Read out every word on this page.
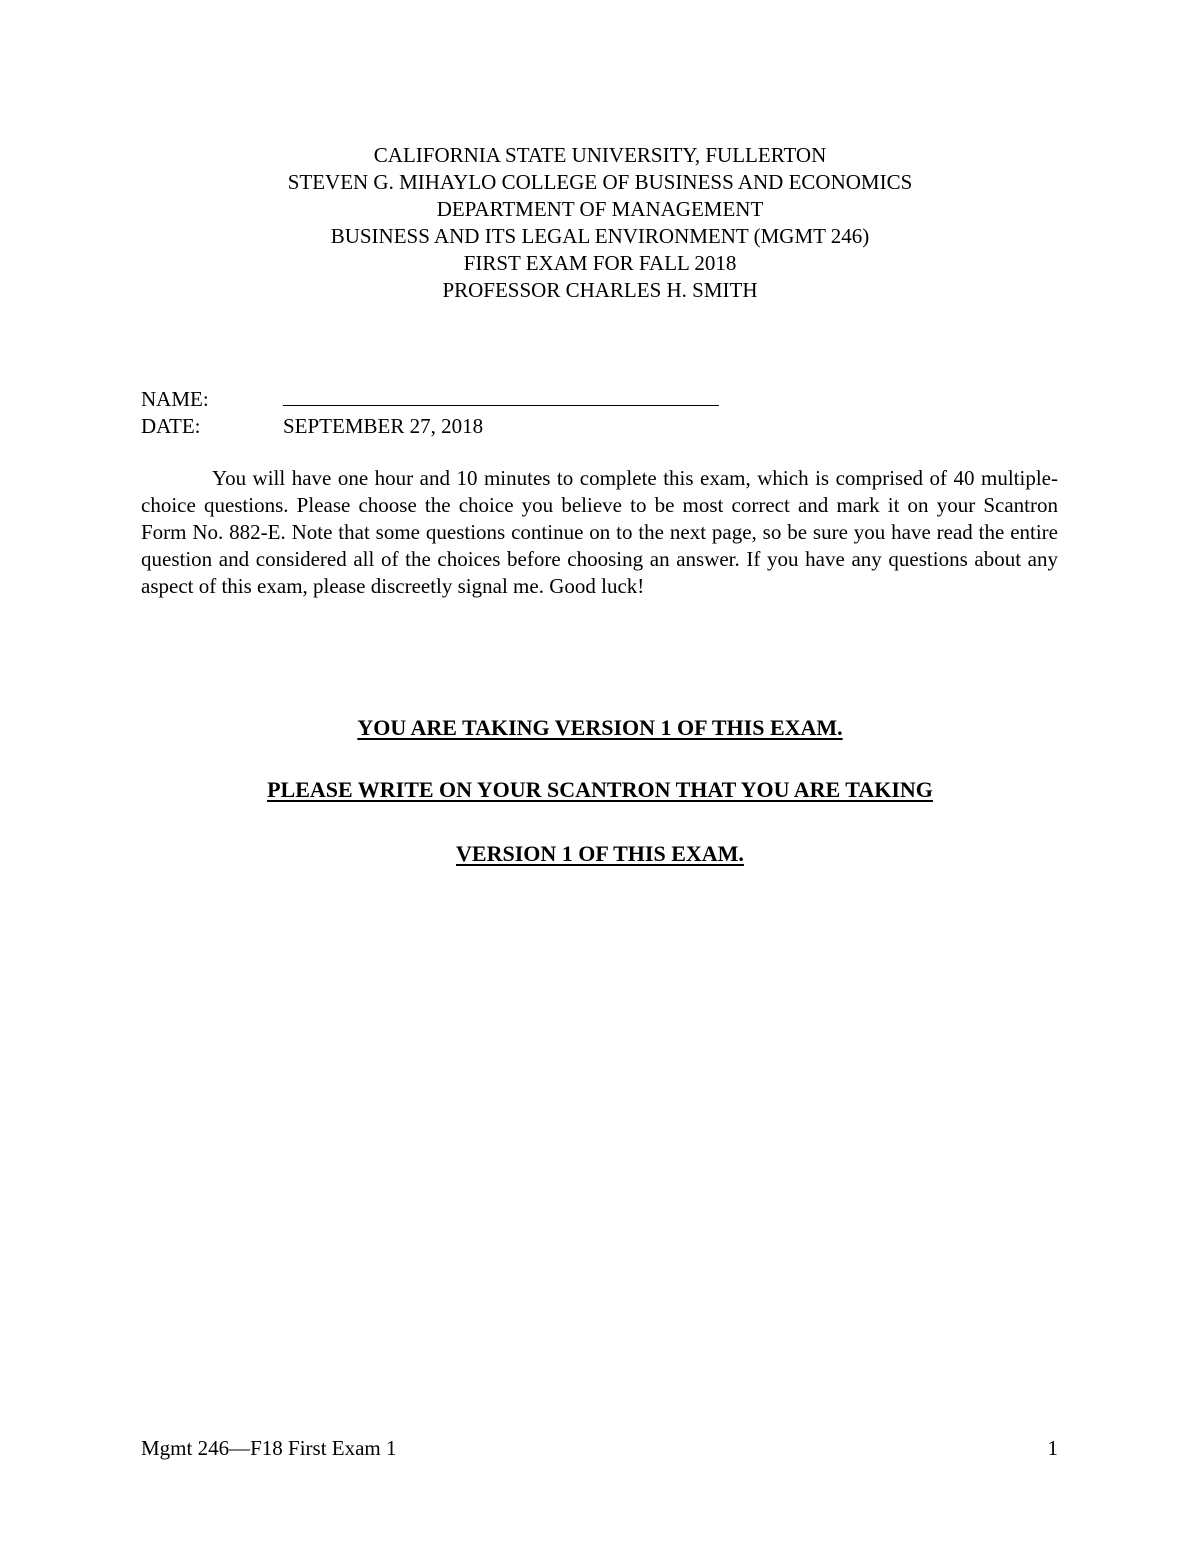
CALIFORNIA STATE UNIVERSITY, FULLERTON
STEVEN G. MIHAYLO COLLEGE OF BUSINESS AND ECONOMICS
DEPARTMENT OF MANAGEMENT
BUSINESS AND ITS LEGAL ENVIRONMENT (MGMT 246)
FIRST EXAM FOR FALL 2018
PROFESSOR CHARLES H. SMITH
NAME:
DATE:	SEPTEMBER 27, 2018

You will have one hour and 10 minutes to complete this exam, which is comprised of 40 multiple-choice questions. Please choose the choice you believe to be most correct and mark it on your Scantron Form No. 882-E. Note that some questions continue on to the next page, so be sure you have read the entire question and considered all of the choices before choosing an answer. If you have any questions about any aspect of this exam, please discreetly signal me. Good luck!

YOU ARE TAKING VERSION 1 OF THIS EXAM.
PLEASE WRITE ON YOUR SCANTRON THAT YOU ARE TAKING
VERSION 1 OF THIS EXAM.
Mgmt 246—F18 First Exam 1	1
